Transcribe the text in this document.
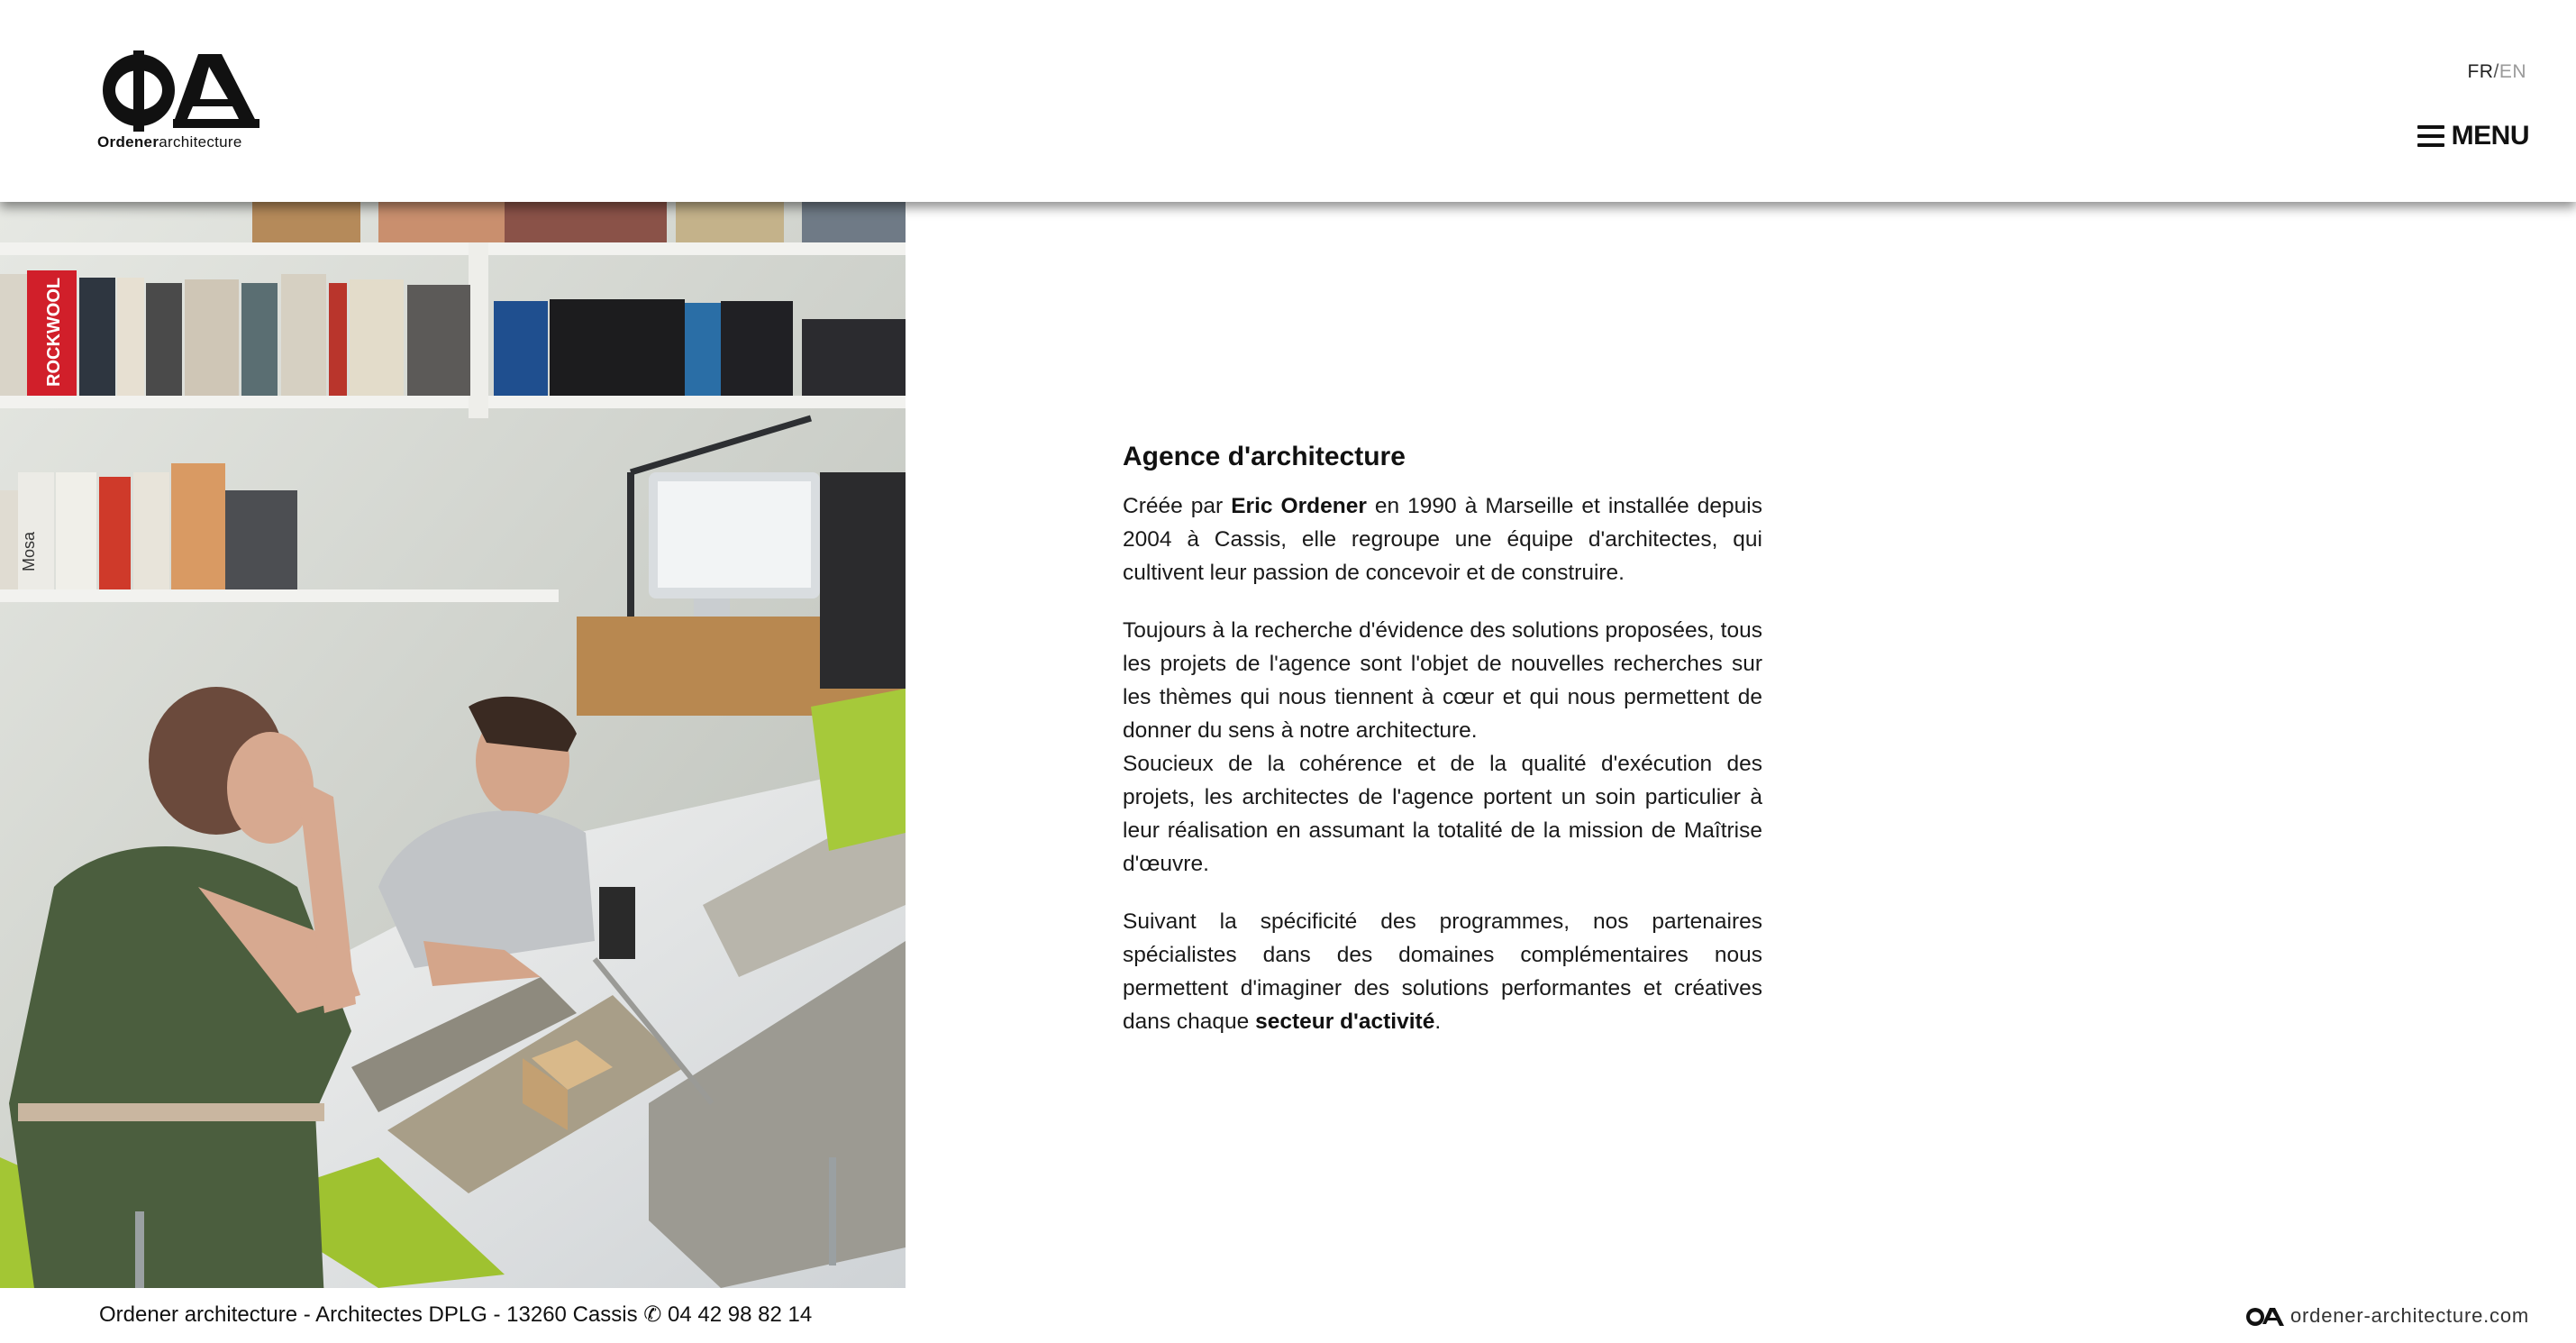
OA
Ordenerarchitecture
FR/EN
MENU
ROCKWOOL
Mosa
Agence d'architecture

Créée par Eric Ordener en 1990 à Marseille et installée depuis 2004 à Cassis, elle regroupe une équipe d'architectes, qui cultivent leur passion de concevoir et de construire.

Toujours à la recherche d'évidence des solutions proposées, tous les projets de l'agence sont l'objet de nouvelles recherches sur les thèmes qui nous tiennent à cœur et qui nous permettent de donner du sens à notre architecture.

Soucieux de la cohérence et de la qualité d'exécution des projets, les architectes de l'agence portent un soin particulier à leur réalisation en assumant la totalité de la mission de Maîtrise d'œuvre.

Suivant la spécificité des programmes, nos partenaires spécialistes dans des domaines complémentaires nous permettent d'imaginer des solutions performantes et créatives dans chaque secteur d'activité.

Ordener architecture - Architectes DPLG - 13260 Cassis ✆ 04 42 98 82 14	OA ordener-architecture.com
